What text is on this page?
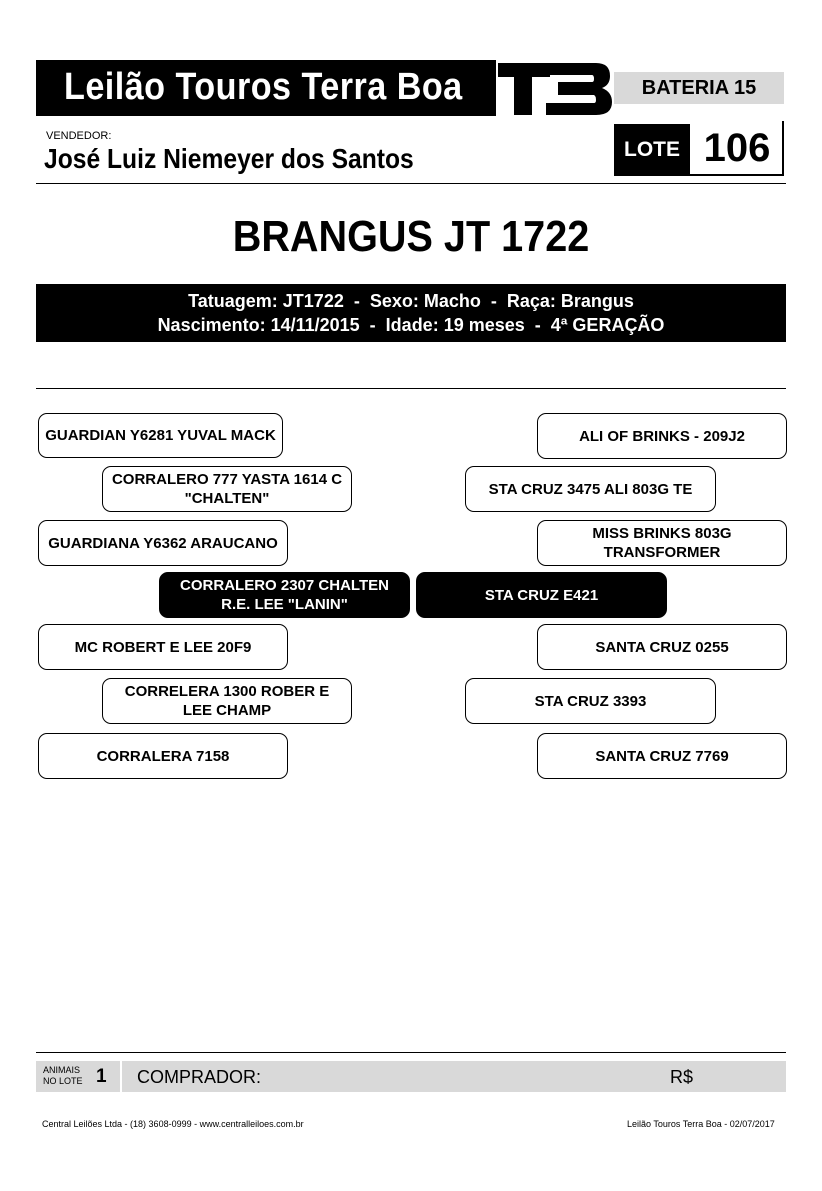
Leilão Touros Terra Boa	BATERIA 15
VENDEDOR:
José Luiz Niemeyer dos Santos	LOTE 106
BRANGUS JT 1722
Tatuagem: JT1722  -  Sexo: Macho  -  Raça: Brangus
Nascimento: 14/11/2015  -  Idade: 19 meses  -  4ª GERAÇÃO
GUARDIAN Y6281 YUVAL MACK
CORRALERO 777 YASTA 1614 C "CHALTEN"
GUARDIANA Y6362 ARAUCANO
CORRALERO 2307 CHALTEN R.E. LEE "LANIN"
STA CRUZ E421
MC ROBERT E LEE 20F9
CORRELERA 1300 ROBER E LEE CHAMP
CORRALERA 7158
ALI OF BRINKS - 209J2
STA CRUZ 3475 ALI 803G TE
MISS BRINKS 803G TRANSFORMER
SANTA CRUZ 0255
STA CRUZ 3393
SANTA CRUZ 7769
ANIMAIS
NO LOTE 1 COMPRADOR:	R$
Central Leilões Ltda - (18) 3608-0999 - www.centralleiloes.com.br	Leilão Touros Terra Boa - 02/07/2017
